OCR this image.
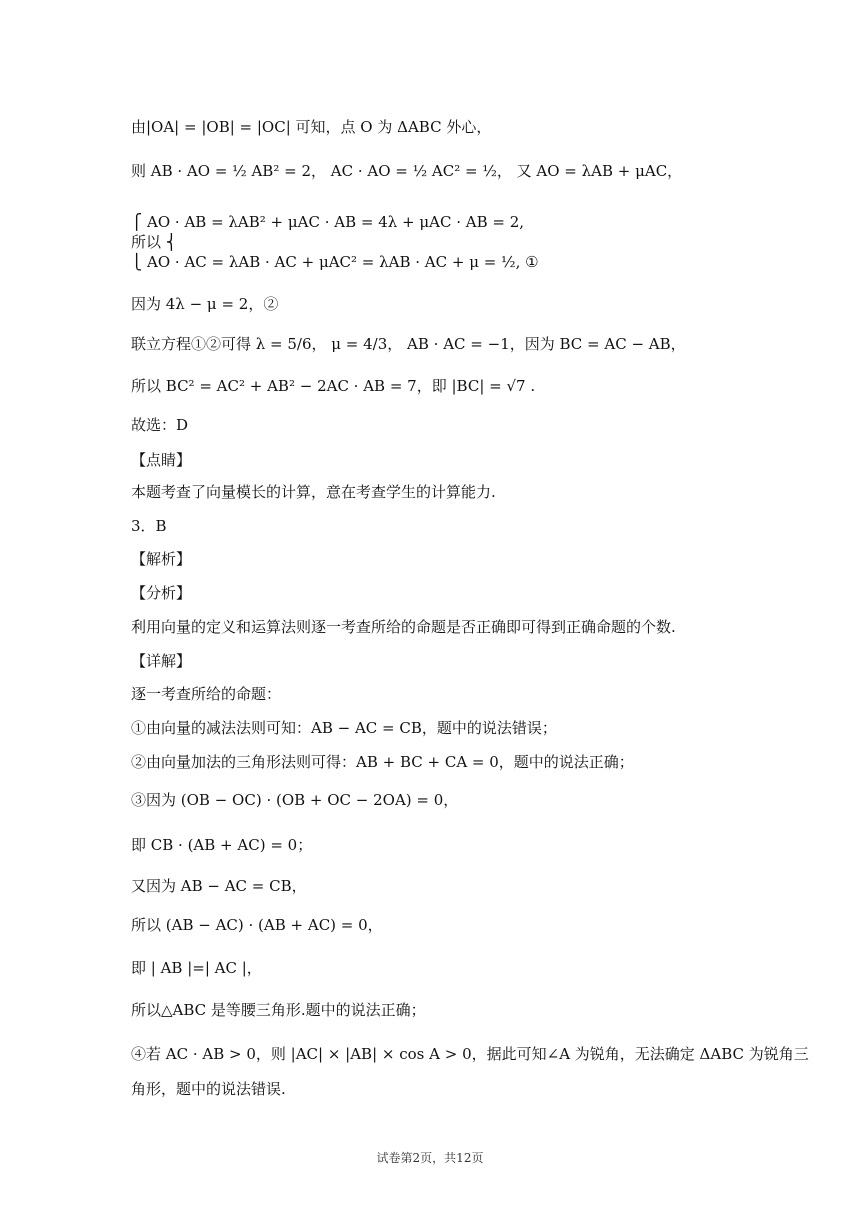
由|OA| = |OB| = |OC| 可知，点 O 为 ΔABC 外心，
则 AB · AO = ½ AB² = 2， AC · AO = ½ AC² = ½， 又 AO = λAB + μAC，
⎧ AO · AB = λAB² + μAC · AB = 4λ + μAC · AB = 2,
所以 ⎨
⎩ AO · AC = λAB · AC + μAC² = λAB · AC + μ = ½, ①
因为 4λ − μ = 2，②
联立方程①②可得 λ = 5/6， μ = 4/3， AB · AC = −1，因为 BC = AC − AB，
所以 BC² = AC² + AB² − 2AC · AB = 7，即 |BC| = √7 .
故选：D
【点睛】
本题考查了向量模长的计算，意在考查学生的计算能力.
3．B
【解析】
【分析】
利用向量的定义和运算法则逐一考查所给的命题是否正确即可得到正确命题的个数.
【详解】
逐一考查所给的命题：
①由向量的减法法则可知：AB − AC = CB，题中的说法错误；
②由向量加法的三角形法则可得：AB + BC + CA = 0，题中的说法正确；
③因为 (OB − OC) · (OB + OC − 2OA) = 0，
即 CB · (AB + AC) = 0；
又因为 AB − AC = CB，
所以 (AB − AC) · (AB + AC) = 0，
即 | AB |=| AC |，
所以△ABC 是等腰三角形.题中的说法正确；
④若 AC · AB > 0，则 |AC| × |AB| × cos A > 0，据此可知∠A 为锐角，无法确定 ΔABC 为锐角三
角形，题中的说法错误.
试卷第2页，共12页
